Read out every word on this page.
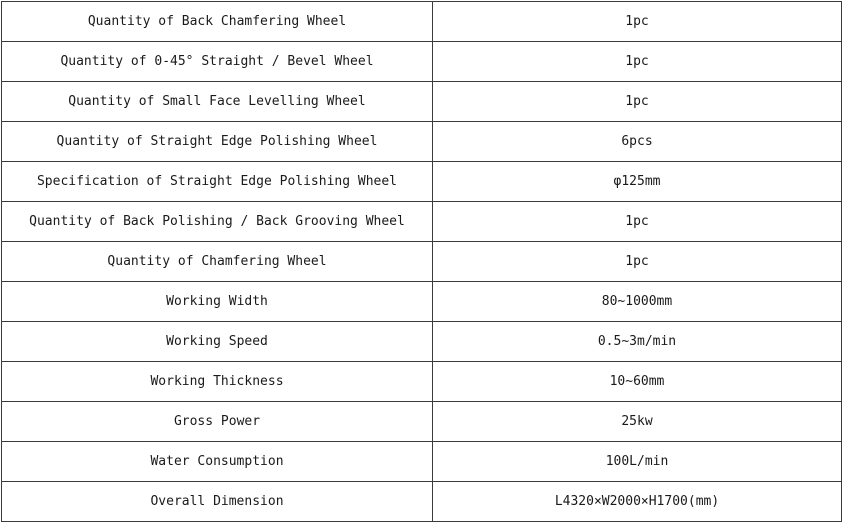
Quantity of Back Chamfering Wheel	1pc
Quantity of 0-45° Straight / Bevel Wheel	1pc
Quantity of Small Face Levelling Wheel	1pc
Quantity of Straight Edge Polishing Wheel	6pcs
Specification of Straight Edge Polishing Wheel	φ125mm
Quantity of Back Polishing / Back Grooving Wheel	1pc
Quantity of Chamfering Wheel	1pc
Working Width	80~1000mm
Working Speed	0.5~3m/min
Working Thickness	10~60mm
Gross Power	25kw
Water Consumption	100L/min
Overall Dimension	L4320×W2000×H1700(mm)
